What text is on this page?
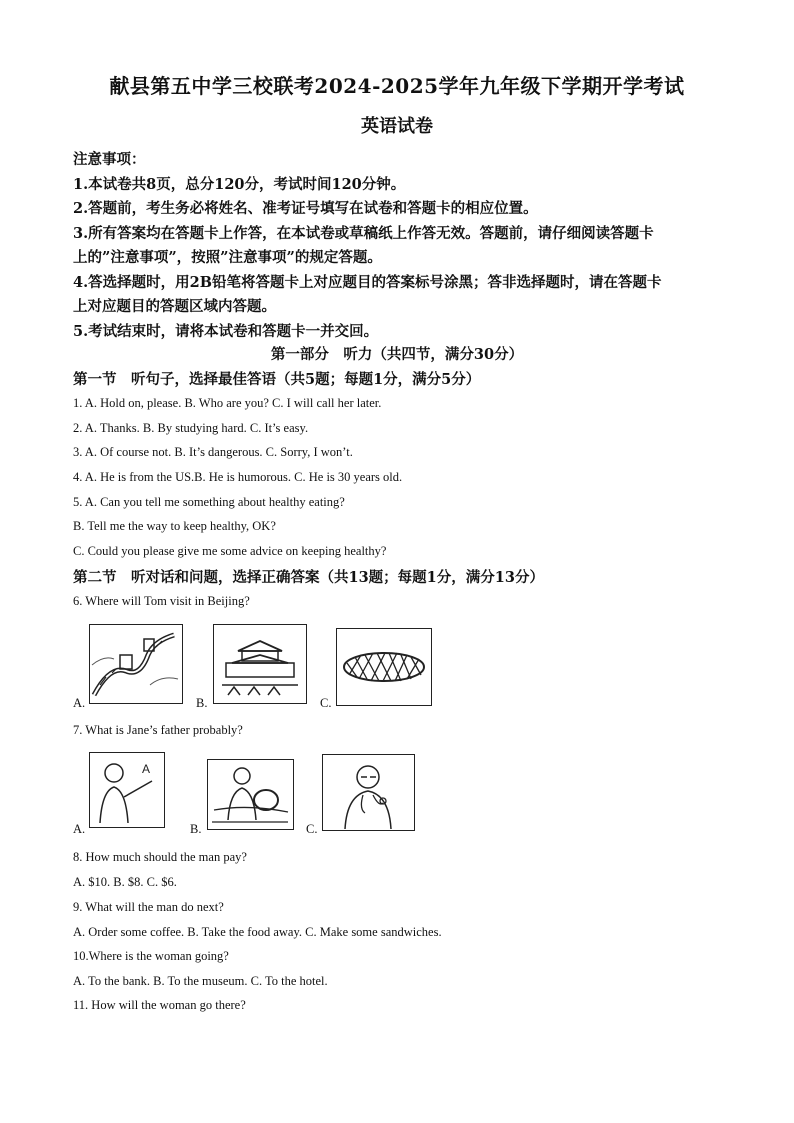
献县第五中学三校联考2024-2025学年九年级下学期开学考试
英语试卷
注意事项：
1.本试卷共8页，总分120分，考试时间120分钟。
2.答题前，考生务必将姓名、准考证号填写在试卷和答题卡的相应位置。
3.所有答案均在答题卡上作答，在本试卷或草稿纸上作答无效。答题前，请仔细阅读答题卡
上的”注意事项”，按照”注意事项”的规定答题。
4.答选择题时，用2B铅笔将答题卡上对应题目的答案标号涂黑；答非选择题时，请在答题卡
上对应题目的答题区域内答题。
5.考试结束时，请将本试卷和答题卡一并交回。
第一部分　听力（共四节，满分30分）
第一节　听句子，选择最佳答语（共5题；每题1分，满分5分）
1. A. Hold on, please. B. Who are you? C. I will call her later.
2. A. Thanks. B. By studying hard. C. It’s easy.
3. A. Of course not. B. It’s dangerous. C. Sorry, I won’t.
4. A. He is from the US.B. He is humorous. C. He is 30 years old.
5. A. Can you tell me something about healthy eating?
B. Tell me the way to keep healthy, OK?
C. Could you please give me some advice on keeping healthy?
第二节　听对话和问题，选择正确答案（共13题；每题1分，满分13分）
6. Where will Tom visit in Beijing?
A.	B.	C.
7. What is Jane’s father probably?
A.
A
B.	C.
8. How much should the man pay?
A. $10. B. $8. C. $6.
9. What will the man do next?
A. Order some coffee. B. Take the food away. C. Make some sandwiches.
10.Where is the woman going?
A. To the bank. B. To the museum. C. To the hotel.
11. How will the woman go there?
